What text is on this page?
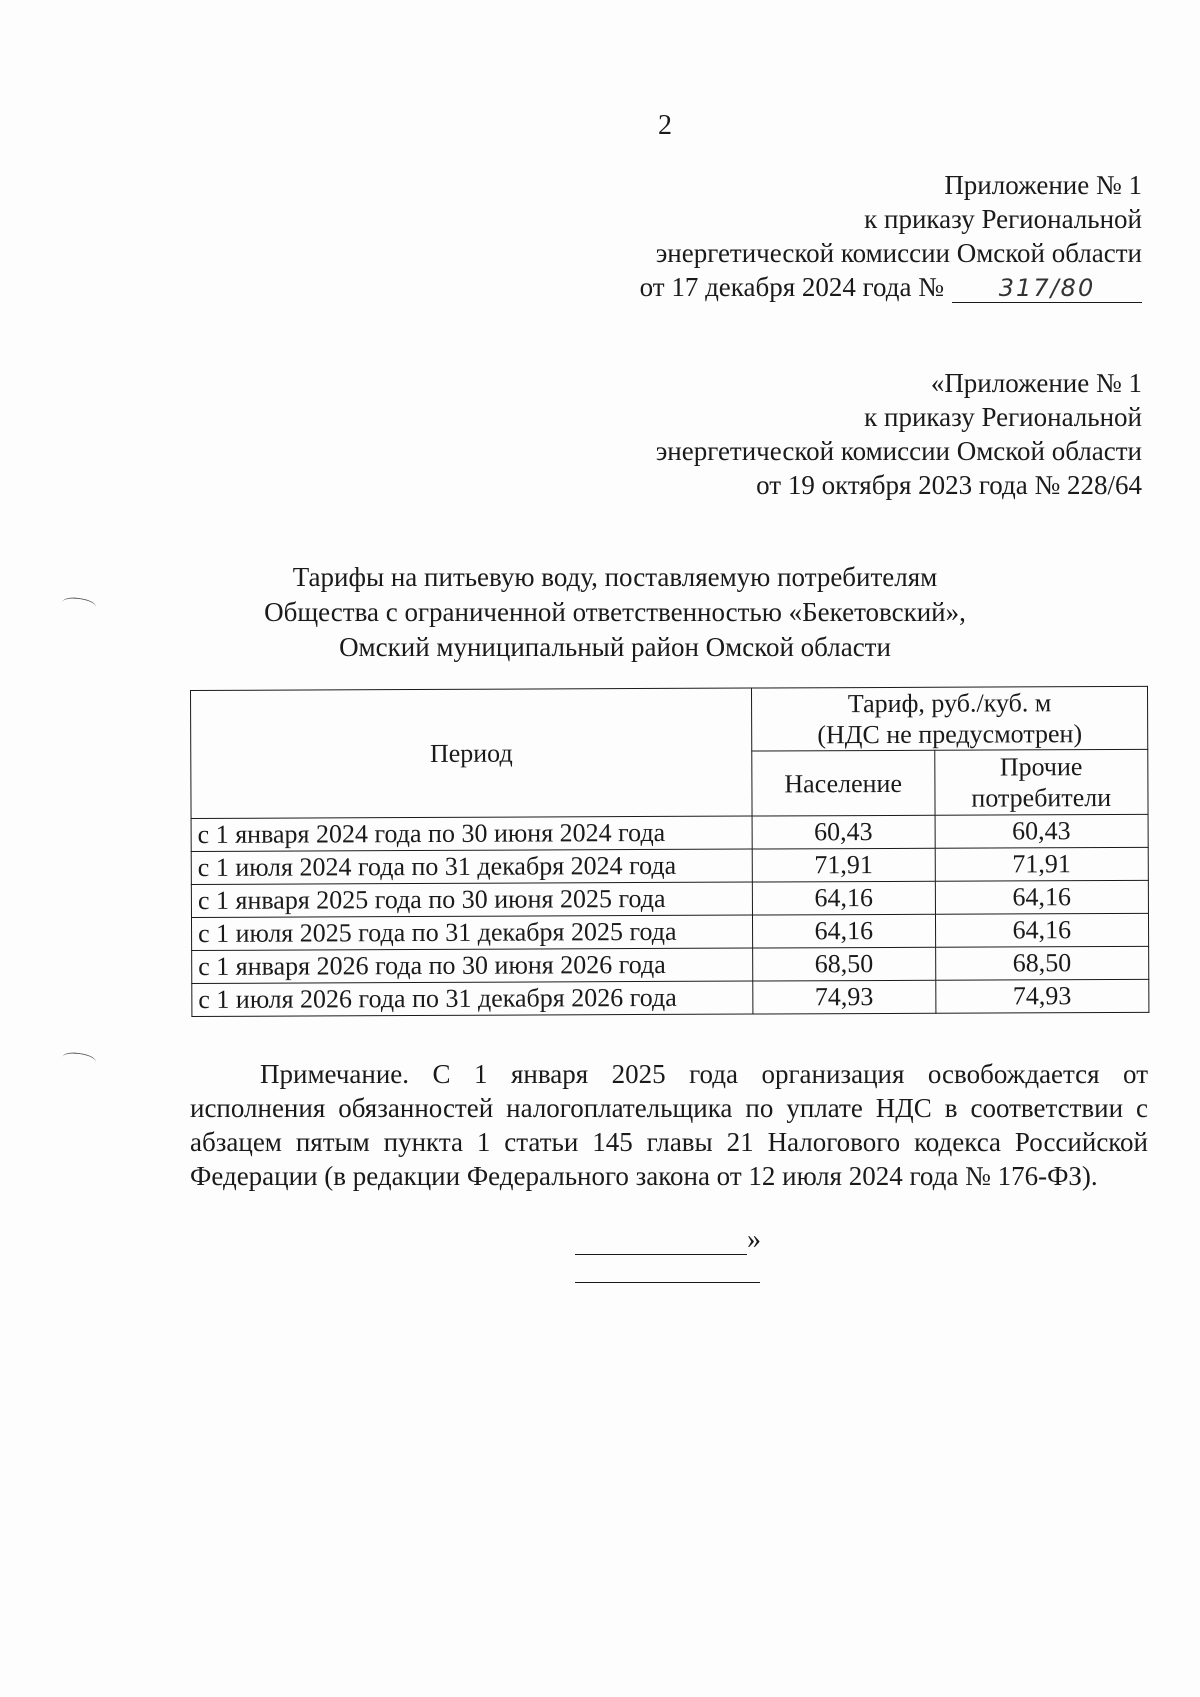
2
Приложение № 1
к приказу Региональной
энергетической комиссии Омской области
от 17 декабря 2024 года № 317/80
«Приложение № 1
к приказу Региональной
энергетической комиссии Омской области
от 19 октября 2023 года № 228/64
Тарифы на питьевую воду, поставляемую потребителям
Общества с ограниченной ответственностью «Бекетовский»,
Омский муниципальный район Омской области
Период	Тариф, руб./куб. м
(НДС не предусмотрен)	
	Население	Прочие
потребители
с 1 января 2024 года по 30 июня 2024 года	60,43	60,43
с 1 июля 2024 года по 31 декабря 2024 года	71,91	71,91
с 1 января 2025 года по 30 июня 2025 года	64,16	64,16
с 1 июля 2025 года по 31 декабря 2025 года	64,16	64,16
с 1 января 2026 года по 30 июня 2026 года	68,50	68,50
с 1 июля 2026 года по 31 декабря 2026 года	74,93	74,93
Примечание. С 1 января 2025 года организация освобождается от исполнения обязанностей налогоплательщика по уплате НДС в соответствии с абзацем пятым пункта 1 статьи 145 главы 21 Налогового кодекса Российской Федерации (в редакции Федерального закона от 12 июля 2024 года № 176-ФЗ).
»
